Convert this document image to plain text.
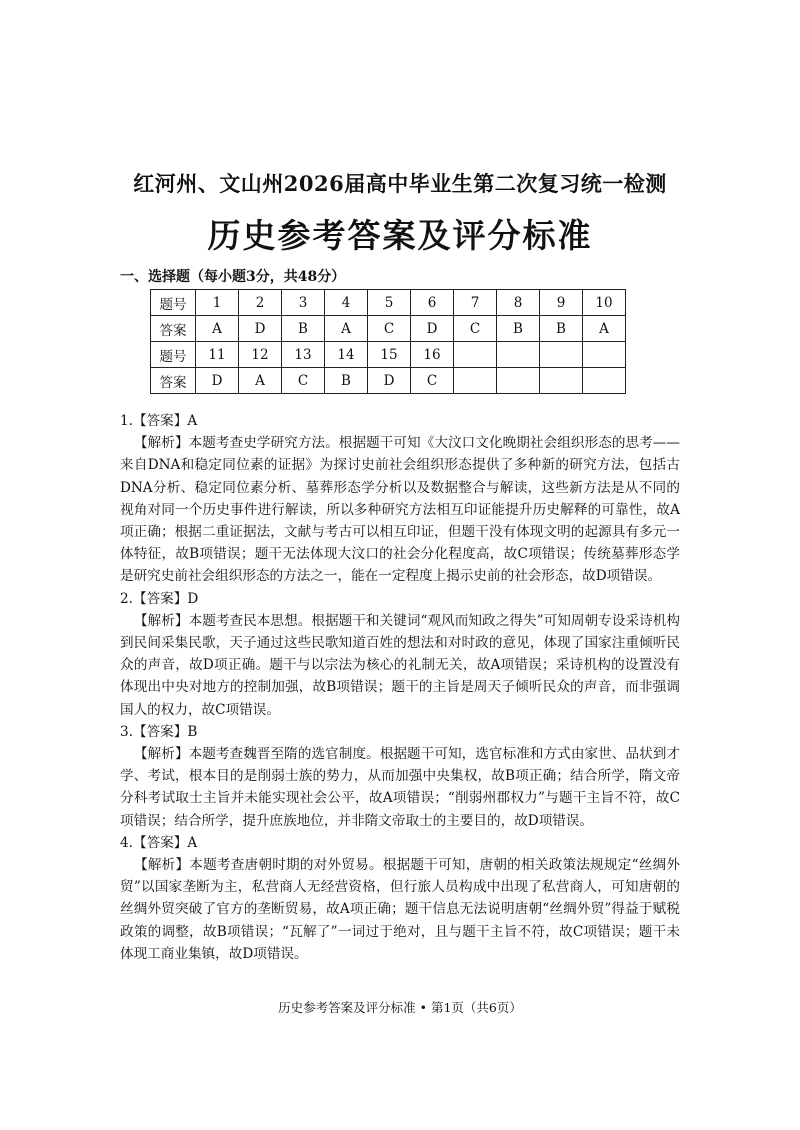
红河州、文山州2026届高中毕业生第二次复习统一检测
历史参考答案及评分标准
一、选择题（每小题3分，共48分）
题号	1	2	3	4	5	6	7	8	9	10
答案	A	D	B	A	C	D	C	B	B	A
题号	11	12	13	14	15	16				
答案	D	A	C	B	D	C				

1.【答案】A

【解析】本题考查史学研究方法。根据题干可知《大汶口文化晚期社会组织形态的思考——来自DNA和稳定同位素的证据》为探讨史前社会组织形态提供了多种新的研究方法，包括古DNA分析、稳定同位素分析、墓葬形态学分析以及数据整合与解读，这些新方法是从不同的视角对同一个历史事件进行解读，所以多种研究方法相互印证能提升历史解释的可靠性，故A项正确；根据二重证据法，文献与考古可以相互印证，但题干没有体现文明的起源具有多元一体特征，故B项错误；题干无法体现大汶口的社会分化程度高，故C项错误；传统墓葬形态学是研究史前社会组织形态的方法之一，能在一定程度上揭示史前的社会形态，故D项错误。

2.【答案】D

【解析】本题考查民本思想。根据题干和关键词“观风而知政之得失”可知周朝专设采诗机构到民间采集民歌，天子通过这些民歌知道百姓的想法和对时政的意见，体现了国家注重倾听民众的声音，故D项正确。题干与以宗法为核心的礼制无关，故A项错误；采诗机构的设置没有体现出中央对地方的控制加强，故B项错误；题干的主旨是周天子倾听民众的声音，而非强调国人的权力，故C项错误。

3.【答案】B

【解析】本题考查魏晋至隋的选官制度。根据题干可知，选官标准和方式由家世、品状到才学、考试，根本目的是削弱士族的势力，从而加强中央集权，故B项正确；结合所学，隋文帝分科考试取士主旨并未能实现社会公平，故A项错误；“削弱州郡权力”与题干主旨不符，故C项错误；结合所学，提升庶族地位，并非隋文帝取士的主要目的，故D项错误。

4.【答案】A

【解析】本题考查唐朝时期的对外贸易。根据题干可知，唐朝的相关政策法规规定“丝绸外贸”以国家垄断为主，私营商人无经营资格，但行旅人员构成中出现了私营商人，可知唐朝的丝绸外贸突破了官方的垄断贸易，故A项正确；题干信息无法说明唐朝“丝绸外贸”得益于赋税政策的调整，故B项错误；“瓦解了”一词过于绝对，且与题干主旨不符，故C项错误；题干未体现工商业集镇，故D项错误。

历史参考答案及评分标准 • 第1页（共6页）
